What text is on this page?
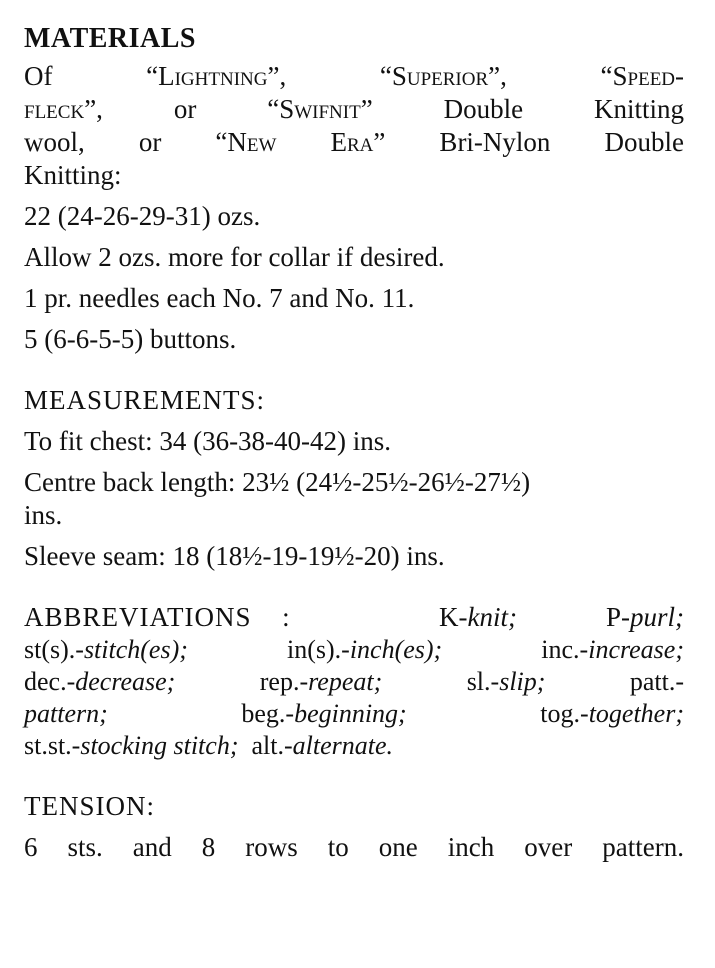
MATERIALS

Of “Lightning”, “Superior”, “Speed-

fleck”, or “Swifnit” Double Knitting

wool, or “New Era” Bri-Nylon Double

Knitting:

22 (24-26-29-31) ozs.

Allow 2 ozs. more for collar if desired.

1 pr. needles each No. 7 and No. 11.

5 (6-6-5-5) buttons.

MEASUREMENTS:

To fit chest: 34 (36-38-40-42) ins.

Centre back length: 23½ (24½-25½-26½-27½)

ins.

Sleeve seam: 18 (18½-19-19½-20) ins.

ABBREVIATIONS :     K-knit;   P-purl;

st(s).-stitch(es); in(s).-inch(es); inc.-increase;

dec.-decrease; rep.-repeat; sl.-slip; patt.-

pattern; beg.-beginning; tog.-together;

st.st.-stocking stitch;  alt.-alternate.

TENSION:

6 sts. and 8 rows to one inch over pattern.
